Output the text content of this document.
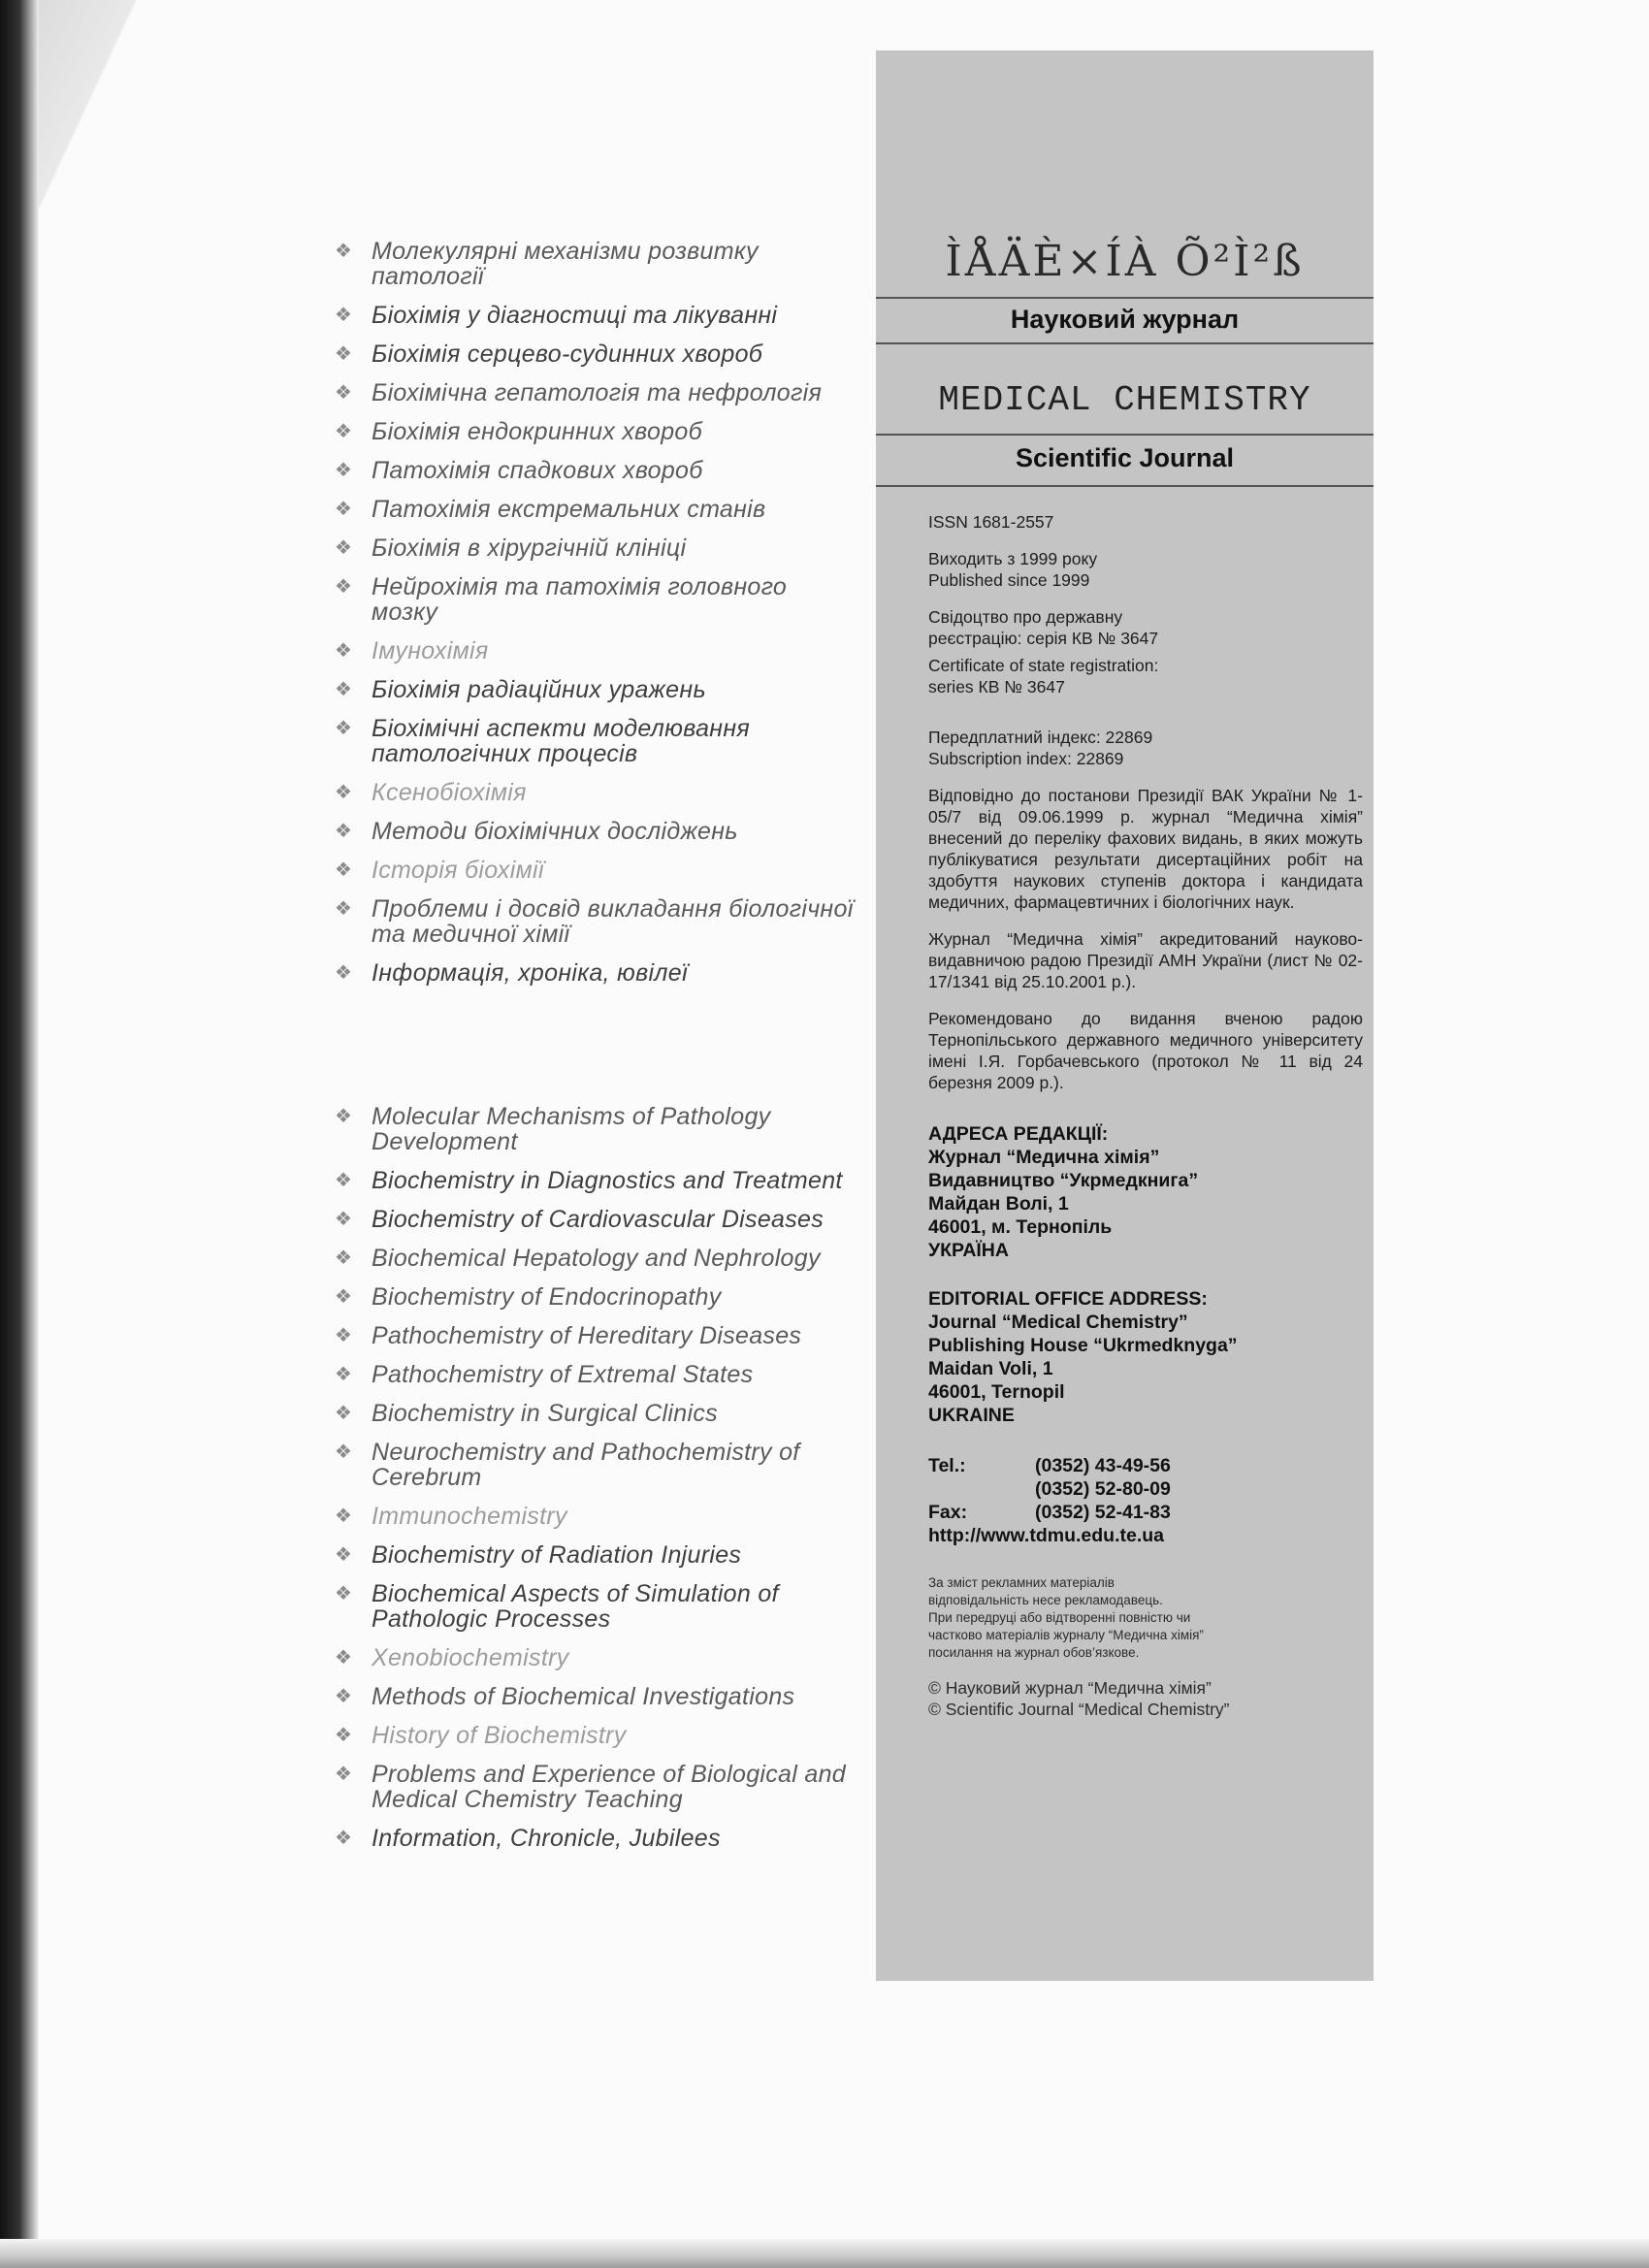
❖ Молекулярні механізми розвитку патології
❖ Біохімія у діагностиці та лікуванні
❖ Біохімія серцево-судинних хвороб
❖ Біохімічна гепатологія та нефрологія
❖ Біохімія ендокринних хвороб
❖ Патохімія спадкових хвороб
❖ Патохімія екстремальних станів
❖ Біохімія в хірургічній клініці
❖ Нейрохімія та патохімія головного мозку
❖ Імунохімія
❖ Біохімія радіаційних уражень
❖ Біохімічні аспекти моделювання патологічних процесів
❖ Ксенобіохімія
❖ Методи біохімічних досліджень
❖ Історія біохімії
❖ Проблеми і досвід викладання біологічної та медичної хімії
❖ Інформація, хроніка, ювілеї
❖ Molecular Mechanisms of Pathology Development
❖ Biochemistry in Diagnostics and Treatment
❖ Biochemistry of Cardiovascular Diseases
❖ Biochemical Hepatology and Nephrology
❖ Biochemistry of Endocrinopathy
❖ Pathochemistry of Hereditary Diseases
❖ Pathochemistry of Extremal States
❖ Biochemistry in Surgical Clinics
❖ Neurochemistry and Pathochemistry of Cerebrum
❖ Immunochemistry
❖ Biochemistry of Radiation Injuries
❖ Biochemical Aspects of Simulation of Pathologic Processes
❖ Xenobiochemistry
❖ Methods of Biochemical Investigations
❖ History of Biochemistry
❖ Problems and Experience of Biological and Medical Chemistry Teaching
❖ Information, Chronicle, Jubilees
ÌÅÄÈ×ÍÀ Õ²Ì²ß
Науковий журнал
MEDICAL CHEMISTRY
Scientific Journal

ISSN 1681-2557

Виходить з 1999 року
Published since 1999

Свідоцтво про державну
реєстрацію: серія КВ № 3647

Certificate of state registration:
series КВ № 3647

Передплатний індекс: 22869
Subscription index: 22869

Відповідно до постанови Президії ВАК України № 1-05/7 від 09.06.1999 р. журнал “Медична хімія” внесений до переліку фахових видань, в яких можуть публікуватися результати дисертаційних робіт на здобуття наукових ступенів доктора і кандидата медичних, фармацевтичних і біологічних наук.

Журнал “Медична хімія” акредитований науково-видавничою радою Президії АМН України (лист № 02-17/1341 від 25.10.2001 р.).

Рекомендовано до видання вченою радою Тернопільського державного медичного університету імені І.Я. Горбачевського (протокол № 11 від 24 березня 2009 р.).

АДРЕСА РЕДАКЦІЇ:
Журнал “Медична хімія”
Видавництво “Укрмедкнига”
Майдан Волі, 1
46001, м. Тернопіль
УКРАЇНА
EDITORIAL OFFICE ADDRESS:
Journal “Medical Chemistry”
Publishing House “Ukrmedknyga”
Maidan Voli, 1
46001, Ternopil
UKRAINE
Tel.:	(0352) 43-49-56
(0352) 52-80-09
Fax:	(0352) 52-41-83
http://www.tdmu.edu.te.ua
За зміст рекламних матеріалів
відповідальність несе рекламодавець.
При передруці або відтворенні повністю чи
частково матеріалів журналу “Медична хімія”
посилання на журнал обов’язкове.
© Науковий журнал “Медична хімія”
© Scientific Journal “Medical Chemistry”
